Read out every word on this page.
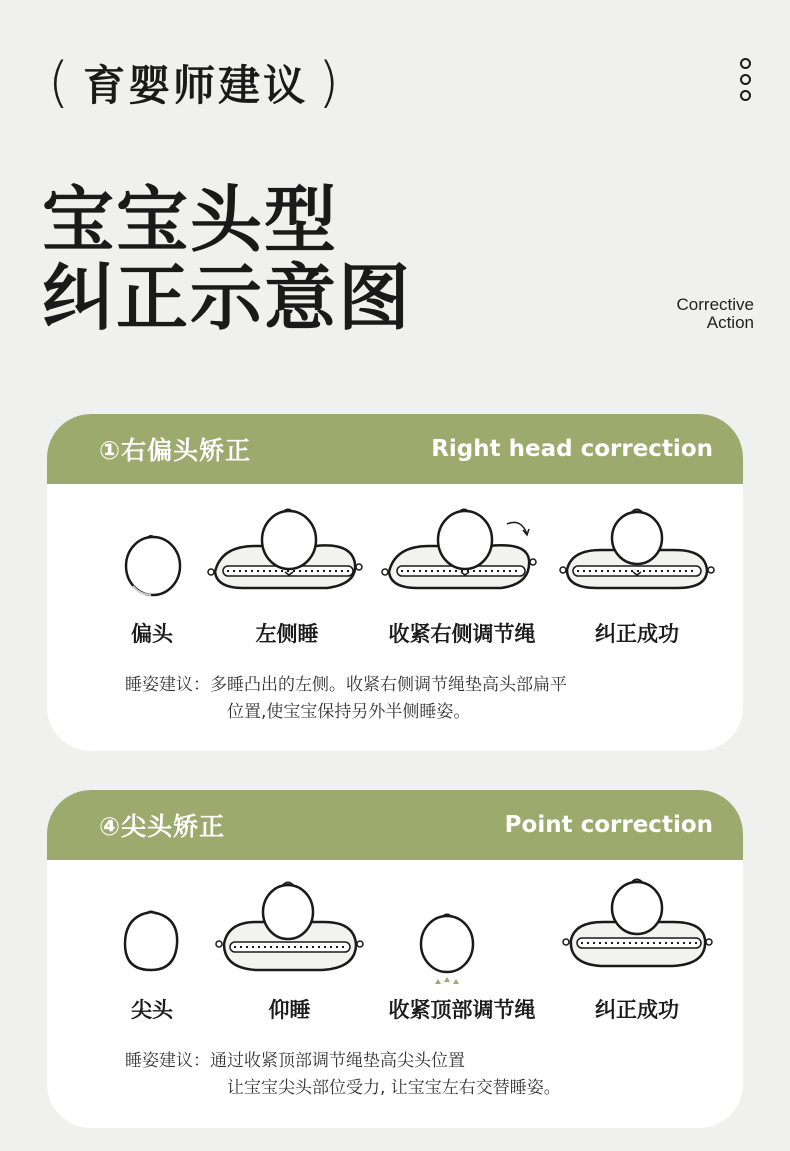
( 育婴师建议 )
宝宝头型
纠正示意图	Corrective
Action
①右偏头矫正	Right head correction
偏头	左侧睡	收紧右侧调节绳	纠正成功
睡姿建议：多睡凸出的左侧。收紧右侧调节绳垫高头部扁平
位置,使宝宝保持另外半侧睡姿。
④尖头矫正	Point correction
尖头	仰睡	收紧顶部调节绳	纠正成功
睡姿建议：通过收紧顶部调节绳垫高尖头位置
让宝宝尖头部位受力, 让宝宝左右交替睡姿。
